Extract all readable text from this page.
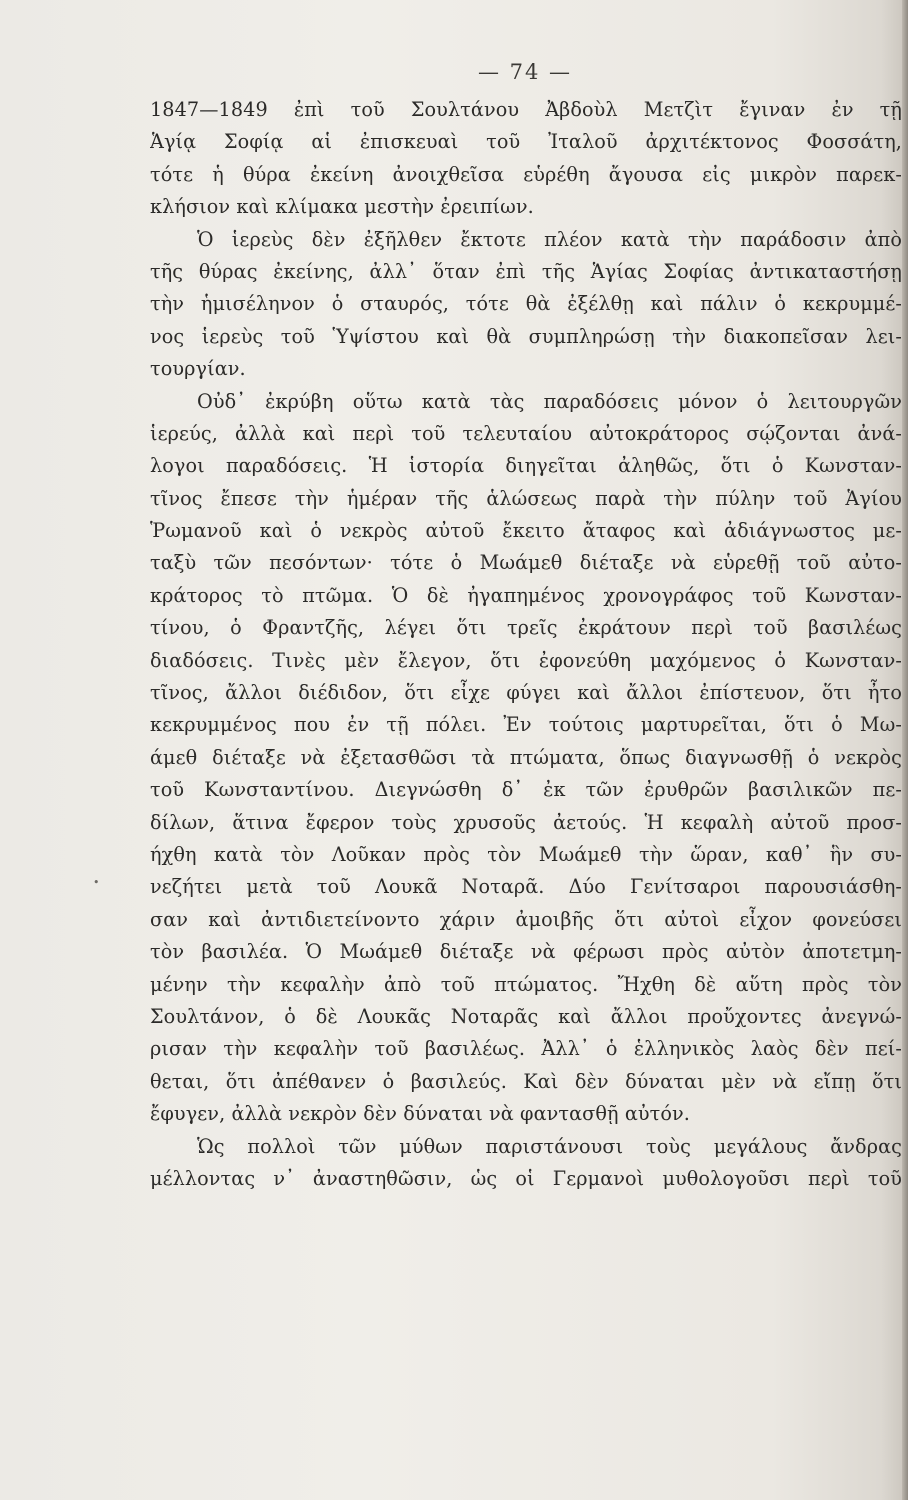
— 74 —
•
1847—1849 ἐπὶ τοῦ Σουλτάνου Ἀβδοὺλ Μετζὶτ ἔγιναν ἐν τῇ
Ἁγίᾳ Σοφίᾳ αἱ ἐπισκευαὶ τοῦ Ἰταλοῦ ἀρχιτέκτονος Φοσσάτη,
τότε ἡ θύρα ἐκείνη ἀνοιχθεῖσα εὑρέθη ἄγουσα εἰς μικρὸν παρεκ-
κλήσιον καὶ κλίμακα μεστὴν ἐρειπίων.
Ὁ ἱερεὺς δὲν ἐξῆλθεν ἔκτοτε πλέον κατὰ τὴν παράδοσιν ἀπὸ
τῆς θύρας ἐκείνης, ἀλλ᾽ ὅταν ἐπὶ τῆς Ἁγίας Σοφίας ἀντικαταστήσῃ
τὴν ἡμισέληνον ὁ σταυρός, τότε θὰ ἐξέλθῃ καὶ πάλιν ὁ κεκρυμμέ-
νος ἱερεὺς τοῦ Ὑψίστου καὶ θὰ συμπληρώσῃ τὴν διακοπεῖσαν λει-
τουργίαν.
Οὐδ᾽ ἐκρύβη οὕτω κατὰ τὰς παραδόσεις μόνον ὁ λειτουργῶν
ἱερεύς, ἀλλὰ καὶ περὶ τοῦ τελευταίου αὐτοκράτορος σῴζονται ἀνά-
λογοι παραδόσεις. Ἡ ἱστορία διηγεῖται ἀληθῶς, ὅτι ὁ Κωνσταν-
τῖνος ἔπεσε τὴν ἡμέραν τῆς ἁλώσεως παρὰ τὴν πύλην τοῦ Ἁγίου
Ῥωμανοῦ καὶ ὁ νεκρὸς αὐτοῦ ἔκειτο ἄταφος καὶ ἀδιάγνωστος με-
ταξὺ τῶν πεσόντων· τότε ὁ Μωάμεθ διέταξε νὰ εὑρεθῇ τοῦ αὐτο-
κράτορος τὸ πτῶμα. Ὁ δὲ ἠγαπημένος χρονογράφος τοῦ Κωνσταν-
τίνου, ὁ Φραντζῆς, λέγει ὅτι τρεῖς ἐκράτουν περὶ τοῦ βασιλέως
διαδόσεις. Τινὲς μὲν ἔλεγον, ὅτι ἐφονεύθη μαχόμενος ὁ Κωνσταν-
τῖνος, ἄλλοι διέδιδον, ὅτι εἶχε φύγει καὶ ἄλλοι ἐπίστευον, ὅτι ἦτο
κεκρυμμένος που ἐν τῇ πόλει. Ἐν τούτοις μαρτυρεῖται, ὅτι ὁ Μω-
άμεθ διέταξε νὰ ἐξετασθῶσι τὰ πτώματα, ὅπως διαγνωσθῇ ὁ νεκρὸς
τοῦ Κωνσταντίνου. Διεγνώσθη δ᾽ ἐκ τῶν ἐρυθρῶν βασιλικῶν πε-
δίλων, ἅτινα ἔφερον τοὺς χρυσοῦς ἀετούς. Ἡ κεφαλὴ αὐτοῦ προσ-
ήχθη κατὰ τὸν Λοῦκαν πρὸς τὸν Μωάμεθ τὴν ὥραν, καθ᾽ ἣν συ-
νεζήτει μετὰ τοῦ Λουκᾶ Νοταρᾶ. Δύο Γενίτσαροι παρουσιάσθη-
σαν καὶ ἀντιδιετείνοντο χάριν ἀμοιβῆς ὅτι αὐτοὶ εἶχον φονεύσει
τὸν βασιλέα. Ὁ Μωάμεθ διέταξε νὰ φέρωσι πρὸς αὐτὸν ἀποτετμη-
μένην τὴν κεφαλὴν ἀπὸ τοῦ πτώματος. Ἤχθη δὲ αὕτη πρὸς τὸν
Σουλτάνον, ὁ δὲ Λουκᾶς Νοταρᾶς καὶ ἄλλοι προὔχοντες ἀνεγνώ-
ρισαν τὴν κεφαλὴν τοῦ βασιλέως. Ἀλλ᾽ ὁ ἑλληνικὸς λαὸς δὲν πεί-
θεται, ὅτι ἀπέθανεν ὁ βασιλεύς. Καὶ δὲν δύναται μὲν νὰ εἴπῃ ὅτι
ἔφυγεν, ἀλλὰ νεκρὸν δὲν δύναται νὰ φαντασθῇ αὐτόν.
Ὡς πολλοὶ τῶν μύθων παριστάνουσι τοὺς μεγάλους ἄνδρας
μέλλοντας ν᾽ ἀναστηθῶσιν, ὡς οἱ Γερμανοὶ μυθολογοῦσι περὶ τοῦ
